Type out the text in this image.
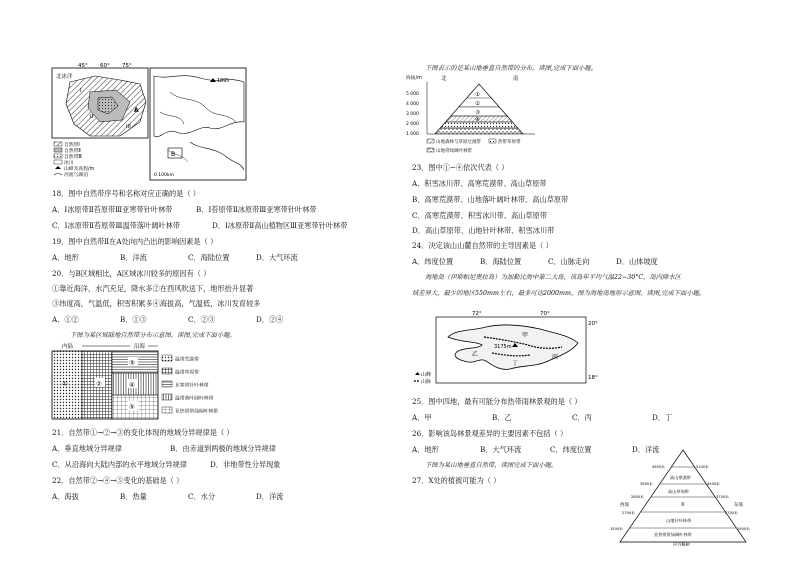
北冰洋
45° 60° 75°
I
II
III
A
自然带Ⅰ
自然带Ⅱ
自然带Ⅲ
冰川
山峰及高程/m
河流与湖泊
1895
B
0 100km
18．图中自然带序号和名称对应正确的是（ ）
A．Ⅰ冰原带Ⅱ苔原带Ⅲ亚寒带针叶林带	B．Ⅰ苔原带Ⅱ冰原带Ⅲ亚寒带针叶林带
C．Ⅰ冰原带Ⅱ苔原带Ⅲ温带落叶阔叶林带	D．Ⅰ冰原带Ⅱ高山植物区Ⅲ亚寒带针叶林带
19．图中自然带Ⅱ在A处向内凸出的影响因素是（ ）
A．地形	B．洋流	C．海陆位置	D．大气环流
20．与B区域相比，A区域冰川较多的原因有（ ）
①靠近海洋，水汽充足，降水多②在西风吹送下，地形抬升显著
③纬度高，气温低，积雪积累多④海拔高，气温低，冰川发育较多
A．①②	B．①③	C．②③	D．②④
下图为某区域陆地自然带分布示意图。读图,完成下面小题。
内陆	沿海
①	②
③
④
⑤
温带荒漠带
温带草原带
亚寒带针叶林带
温带落叶阔叶林带
亚热带常绿阔叶林带
21．自然带①→②→③的变化体现的地域分异规律是（ ）
A．垂直地域分异规律	B．由赤道到两极的地域分异规律
C．从沿海向大陆内部的水平地域分异规律	D．非地带性分异现象
22．自然带②→④→⑤变化的基础是（ ）
A．海拔	B．热量	C．水分	D．洋流
下图表示的是某山地垂直自然带的分布。读图,完成下面小题。
海拔/m	北	南
5 000
4 000
3 000
2 000
1 000
①
②
③
④
山地森林与草原过渡带	热带草原带
山地常绿阔叶林带
23．图中①~④依次代表（ ）
A．积雪冰川带、高寒荒漠带、高山草原带
B．高寒荒漠带、山地落叶阔叶林带、高山草原带
C．高寒荒漠带、积雪冰川带、高山草原带
D．高山草原带、山地针叶林带、积雪冰川带
24．决定该山山麓自然带的主导因素是（ ）
A．纬度位置	B．海陆位置	C．山脉走向	D．山体坡度
海地岛（伊斯帕尼奥拉岛）为加勒比海中第二大岛，该岛年平均气温22−30°C，岛内降水区
域差异大，最少的地区550mm左右，最多可达2000mm。图为海地岛地形示意图。读图,完成下面小题。
72°	70°
20°
18°
3175m
甲
乙	丙
丁
山峰
山脉
25．图中四地，最有可能分布热带雨林景观的是（ ）
A．甲	B．乙	C．丙	D．丁
26．影响该岛林景观差异的主要因素不包括（ ）
A．地形	B．大气环流	C．纬度位置	D．洋流
下图为某山地垂直自然带，读图完成下面小题。
27．X处的植被可能为（ ）	高山寒漠带
高山草甸带
X
山地针叶林带
亚热带常绿阔叶林带
河谷稀树
西坡	东坡
4900米
3900米
2800米
2700米
1500米
5100米
4500米
3700米
2700米
1900米
